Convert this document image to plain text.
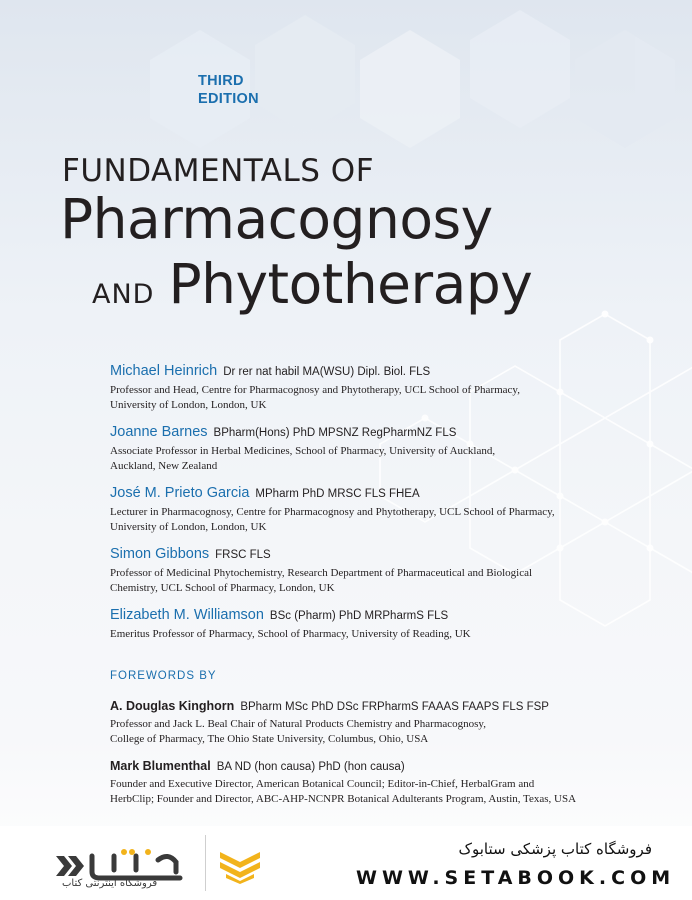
THIRD
EDITION
FUNDAMENTALS OF
Pharmacognosy
AND Phytotherapy
Michael Heinrich Dr rer nat habil MA(WSU) Dipl. Biol. FLS
Professor and Head, Centre for Pharmacognosy and Phytotherapy, UCL School of Pharmacy,
University of London, London, UK
Joanne Barnes BPharm(Hons) PhD MPSNZ RegPharmNZ FLS
Associate Professor in Herbal Medicines, School of Pharmacy, University of Auckland,
Auckland, New Zealand
José M. Prieto Garcia MPharm PhD MRSC FLS FHEA
Lecturer in Pharmacognosy, Centre for Pharmacognosy and Phytotherapy, UCL School of Pharmacy,
University of London, London, UK
Simon Gibbons FRSC FLS
Professor of Medicinal Phytochemistry, Research Department of Pharmaceutical and Biological
Chemistry, UCL School of Pharmacy, London, UK
Elizabeth M. Williamson BSc (Pharm) PhD MRPharmS FLS
Emeritus Professor of Pharmacy, School of Pharmacy, University of Reading, UK
FOREWORDS BY
A. Douglas Kinghorn BPharm MSc PhD DSc FRPharmS FAAAS FAAPS FLS FSP
Professor and Jack L. Beal Chair of Natural Products Chemistry and Pharmacognosy,
College of Pharmacy, The Ohio State University, Columbus, Ohio, USA
Mark Blumenthal BA ND (hon causa) PhD (hon causa)
Founder and Executive Director, American Botanical Council; Editor-in-Chief, HerbalGram and
HerbClip; Founder and Director, ABC-AHP-NCNPR Botanical Adulterants Program, Austin, Texas, USA
فروشگاه اینترنتی کتاب
فروشگاه کتاب پزشکی ستابوک
WWW.SETABOOK.COM
